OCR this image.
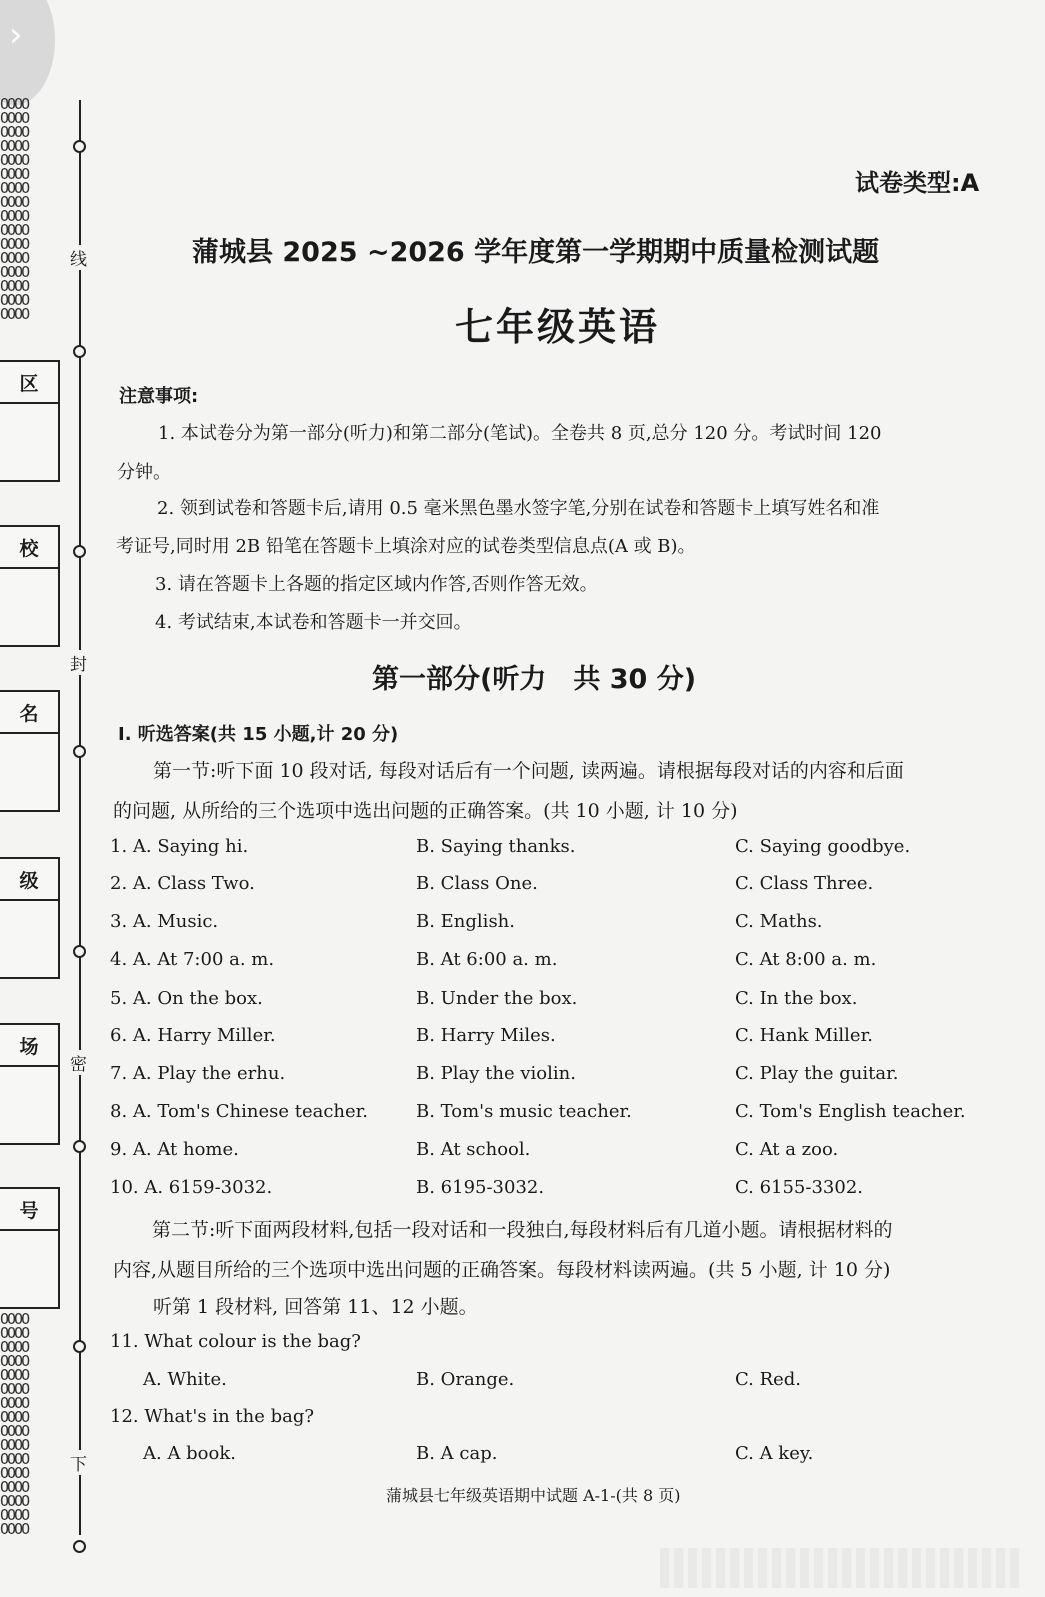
›
OOOO
OOOO
OOOO
OOOO
OOOO
OOOO
OOOO
OOOO
OOOO
OOOO
OOOO
OOOO
OOOO
OOOO
OOOO
OOOO
OOOO
OOOO
OOOO
OOOO
OOOO
OOOO
OOOO
OOOO
OOOO
OOOO
OOOO
OOOO
OOOO
OOOO
OOOO
OOOO
线
封
密
下
区
校
名
级
场
号
试卷类型:A
蒲城县 2025 ~2026 学年度第一学期期中质量检测试题
七年级英语
注意事项:
1. 本试卷分为第一部分(听力)和第二部分(笔试)。全卷共 8 页,总分 120 分。考试时间 120
分钟。
2. 领到试卷和答题卡后,请用 0.5 毫米黑色墨水签字笔,分别在试卷和答题卡上填写姓名和准
考证号,同时用 2B 铅笔在答题卡上填涂对应的试卷类型信息点(A 或 B)。
3. 请在答题卡上各题的指定区域内作答,否则作答无效。
4. 考试结束,本试卷和答题卡一并交回。
第一部分(听力　共 30 分)
I. 听选答案(共 15 小题,计 20 分)
第一节:听下面 10 段对话, 每段对话后有一个问题, 读两遍。请根据每段对话的内容和后面
的问题, 从所给的三个选项中选出问题的正确答案。(共 10 小题, 计 10 分)
1. A. Saying hi.	B. Saying thanks.	C. Saying goodbye.
2. A. Class Two.	B. Class One.	C. Class Three.
3. A. Music.	B. English.	C. Maths.
4. A. At 7:00 a. m.	B. At 6:00 a. m.	C. At 8:00 a. m.
5. A. On the box.	B. Under the box.	C. In the box.
6. A. Harry Miller.	B. Harry Miles.	C. Hank Miller.
7. A. Play the erhu.	B. Play the violin.	C. Play the guitar.
8. A. Tom's Chinese teacher.	B. Tom's music teacher.	C. Tom's English teacher.
9. A. At home.	B. At school.	C. At a zoo.
10. A. 6159-3032.	B. 6195-3032.	C. 6155-3302.
第二节:听下面两段材料,包括一段对话和一段独白,每段材料后有几道小题。请根据材料的
内容,从题目所给的三个选项中选出问题的正确答案。每段材料读两遍。(共 5 小题, 计 10 分)
听第 1 段材料, 回答第 11、12 小题。
11. What colour is the bag?
A. White.	B. Orange.	C. Red.
12. What's in the bag?
A. A book.	B. A cap.	C. A key.
蒲城县七年级英语期中试题 A-1-(共 8 页)
